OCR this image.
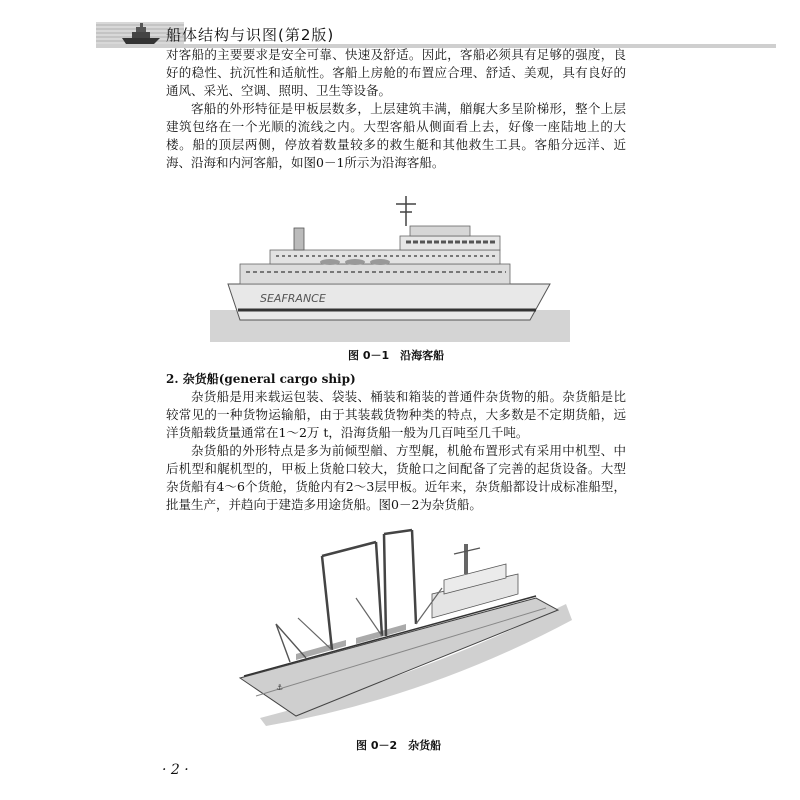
船体结构与识图(第2版)

对客船的主要要求是安全可靠、快速及舒适。因此，客船必须具有足够的强度，良好的稳性、抗沉性和适航性。客船上房舱的布置应合理、舒适、美观，具有良好的通风、采光、空调、照明、卫生等设备。

客船的外形特征是甲板层数多，上层建筑丰满，艏艉大多呈阶梯形，整个上层建筑包络在一个光顺的流线之内。大型客船从侧面看上去，好像一座陆地上的大楼。船的顶层两侧，停放着数量较多的救生艇和其他救生工具。客船分远洋、近海、沿海和内河客船，如图0－1所示为沿海客船。

SEAFRANCE
图 0－1　沿海客船

2. 杂货船(general cargo ship)

杂货船是用来载运包装、袋装、桶装和箱装的普通件杂货物的船。杂货船是比较常见的一种货物运输船，由于其装载货物种类的特点，大多数是不定期货船，远洋货船载货量通常在1～2万 t，沿海货船一般为几百吨至几千吨。

杂货船的外形特点是多为前倾型艏、方型艉，机舱布置形式有采用中机型、中后机型和艉机型的，甲板上货舱口较大，货舱口之间配备了完善的起货设备。大型杂货船有4～6个货舱，货舱内有2～3层甲板。近年来，杂货船都设计成标准船型，批量生产，并趋向于建造多用途货船。图0－2为杂货船。

⚓
图 0－2　杂货船
· 2 ·
